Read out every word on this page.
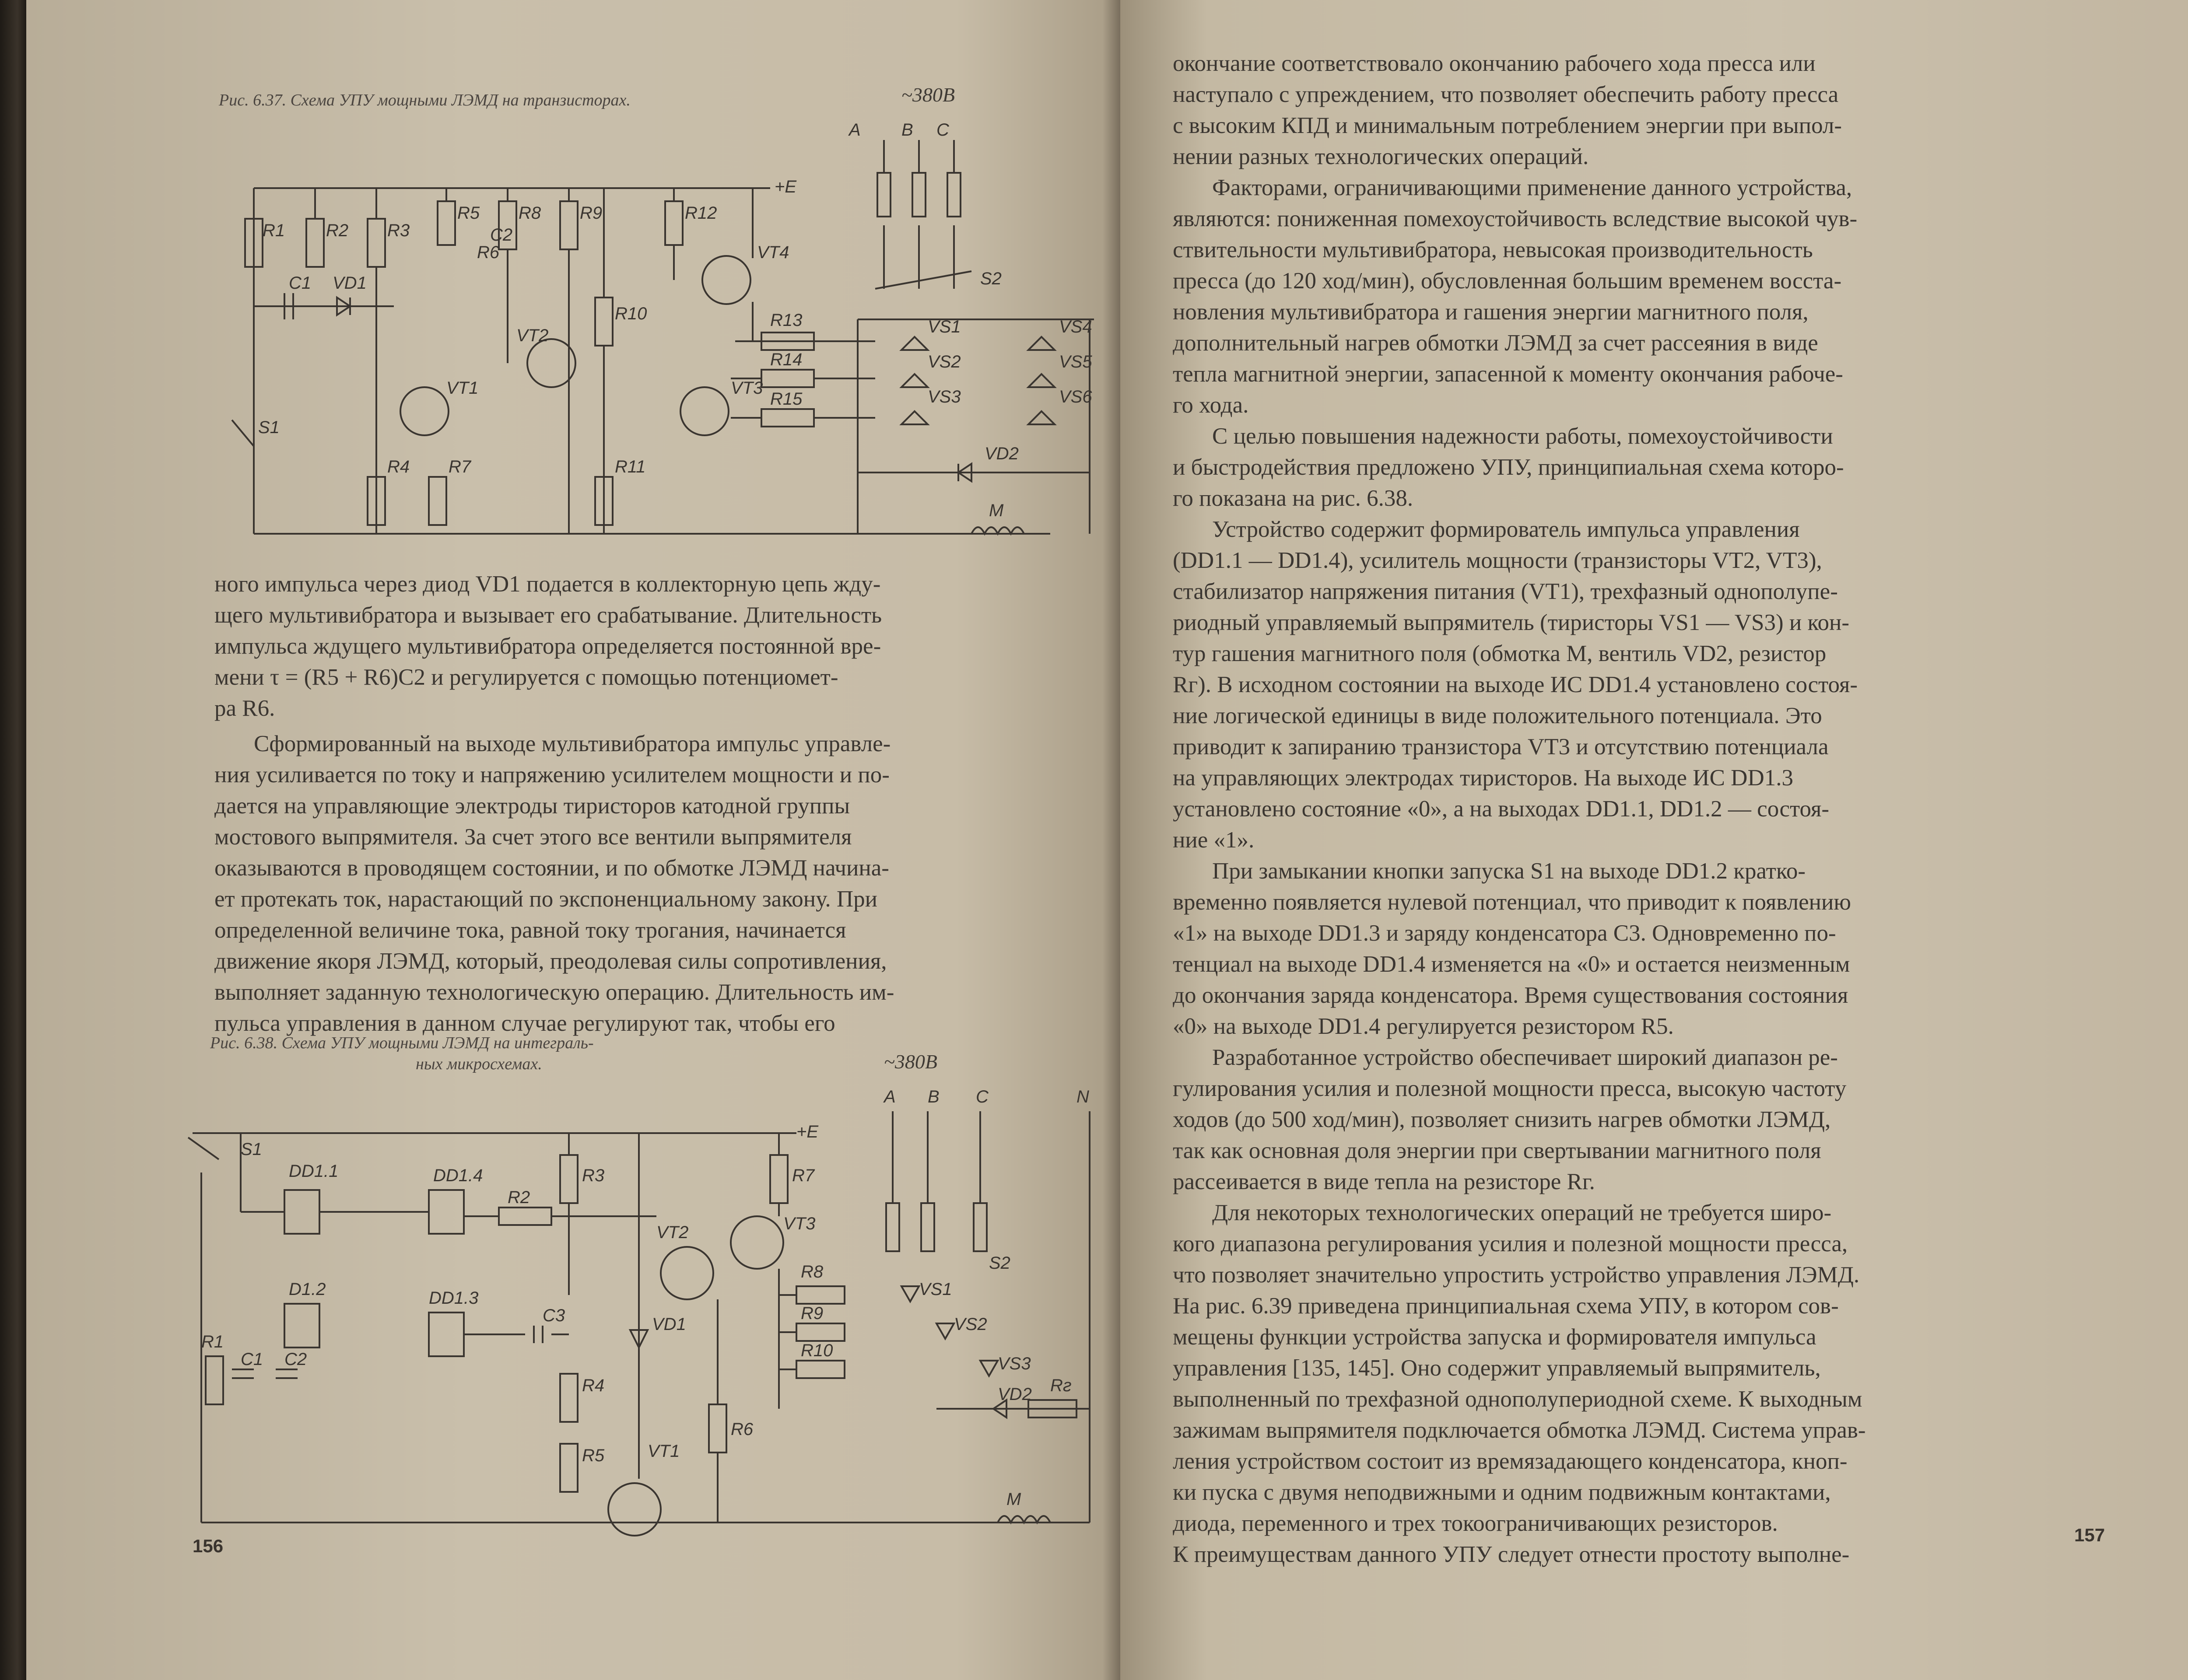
Рис. 6.37. Схема УПУ мощными ЛЭМД на транзисторах.	~380В
A B C
+E
R1 R2 R3
R5
R6
C2
R8 R9	R12
VT4
S2
C1 VD1
VT2
R10
VS1	VS4
R13
VS2	VS5
R14
VT1	VT3	VS3	VS6
S1
R15
VD2
R4 R7	R11
M
ного импульса через диод VD1 подается в коллекторную цепь жду-
щего мультивибратора и вызывает его срабатывание. Длительность
импульса ждущего мультивибратора определяется постоянной вре-
мени τ = (R5 + R6)C2 и регулируется с помощью потенциомет-
ра R6.
Сформированный на выходе мультивибратора импульс управле-
ния усиливается по току и напряжению усилителем мощности и по-
дается на управляющие электроды тиристоров катодной группы
мостового выпрямителя. За счет этого все вентили выпрямителя
оказываются в проводящем состоянии, и по обмотке ЛЭМД начина-
ет протекать ток, нарастающий по экспоненциальному закону. При
определенной величине тока, равной току трогания, начинается
движение якоря ЛЭМД, который, преодолевая силы сопротивления,
выполняет заданную технологическую операцию. Длительность им-
пульса управления в данном случае регулируют так, чтобы его
Рис. 6.38. Схема УПУ мощными ЛЭМД на интеграль-
ных микросхемах.	~380В
A B C	N
+E
S1
DD1.1	DD1.4	R3	R7
R2
VT2	VT3
S2
D1.2	DD1.3
C3	VD1
R8
VS1
R1
C1 C2
R4
R9
VS2
R10
VS3
R5 VT1
R6
VD2 Rг
M
156
окончание соответствовало окончанию рабочего хода пресса или
наступало с упреждением, что позволяет обеспечить работу пресса
с высоким КПД и минимальным потреблением энергии при выпол-
нении разных технологических операций.
Факторами, ограничивающими применение данного устройства,
являются: пониженная помехоустойчивость вследствие высокой чув-
ствительности мультивибратора, невысокая производительность
пресса (до 120 ход/мин), обусловленная большим временем восста-
новления мультивибратора и гашения энергии магнитного поля,
дополнительный нагрев обмотки ЛЭМД за счет рассеяния в виде
тепла магнитной энергии, запасенной к моменту окончания рабоче-
го хода.
С целью повышения надежности работы, помехоустойчивости
и быстродействия предложено УПУ, принципиальная схема которо-
го показана на рис. 6.38.
Устройство содержит формирователь импульса управления
(DD1.1 — DD1.4), усилитель мощности (транзисторы VT2, VT3),
стабилизатор напряжения питания (VT1), трехфазный однополупе-
риодный управляемый выпрямитель (тиристоры VS1 — VS3) и кон-
тур гашения магнитного поля (обмотка M, вентиль VD2, резистор
Rг). В исходном состоянии на выходе ИС DD1.4 установлено состоя-
ние логической единицы в виде положительного потенциала. Это
приводит к запиранию транзистора VT3 и отсутствию потенциала
на управляющих электродах тиристоров. На выходе ИС DD1.3
установлено состояние «0», а на выходах DD1.1, DD1.2 — состоя-
ние «1».
При замыкании кнопки запуска S1 на выходе DD1.2 кратко-
временно появляется нулевой потенциал, что приводит к появлению
«1» на выходе DD1.3 и заряду конденсатора C3. Одновременно по-
тенциал на выходе DD1.4 изменяется на «0» и остается неизменным
до окончания заряда конденсатора. Время существования состояния
«0» на выходе DD1.4 регулируется резистором R5.
Разработанное устройство обеспечивает широкий диапазон ре-
гулирования усилия и полезной мощности пресса, высокую частоту
ходов (до 500 ход/мин), позволяет снизить нагрев обмотки ЛЭМД,
так как основная доля энергии при свертывании магнитного поля
рассеивается в виде тепла на резисторе Rг.
Для некоторых технологических операций не требуется широ-
кого диапазона регулирования усилия и полезной мощности пресса,
что позволяет значительно упростить устройство управления ЛЭМД.
На рис. 6.39 приведена принципиальная схема УПУ, в котором сов-
мещены функции устройства запуска и формирователя импульса
управления [135, 145]. Оно содержит управляемый выпрямитель,
выполненный по трехфазной однополупериодной схеме. К выходным
зажимам выпрямителя подключается обмотка ЛЭМД. Система управ-
ления устройством состоит из времязадающего конденсатора, кноп-
ки пуска с двумя неподвижными и одним подвижным контактами,
диода, переменного и трех токоограничивающих резисторов.
К преимуществам данного УПУ следует отнести простоту выполне-
157
